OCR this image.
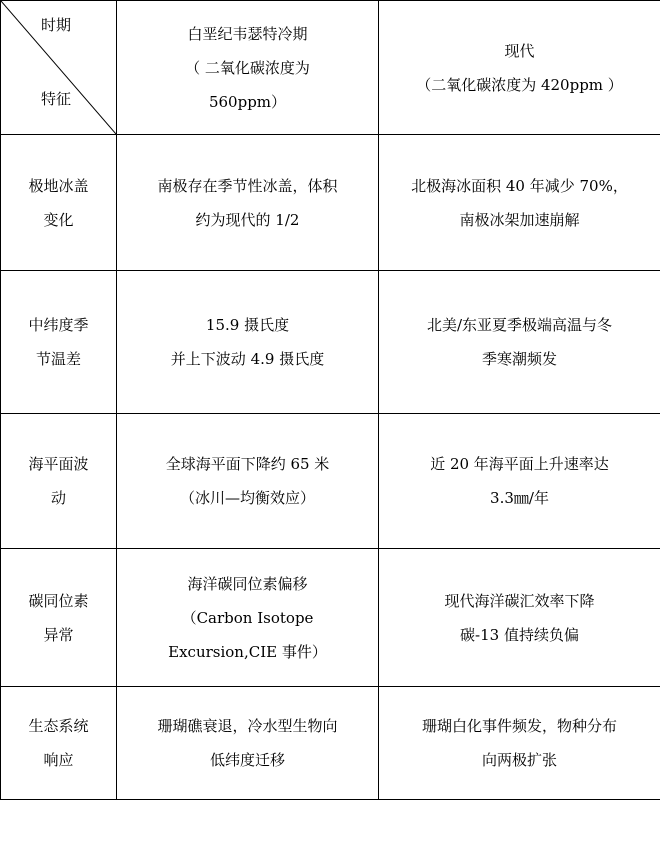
时期
特征	白垩纪韦瑟特冷期
（ 二氧化碳浓度为
560ppm）	现代
（二氧化碳浓度为 420ppm ）

极地冰盖
变化	南极存在季节性冰盖，体积
约为现代的 1/2	北极海冰面积 40 年减少 70%，
南极冰架加速崩解

中纬度季
节温差	15.9 摄氏度
并上下波动 4.9 摄氏度	北美/东亚夏季极端高温与冬
季寒潮频发

海平面波
动	全球海平面下降约 65 米
（冰川—均衡效应）	近 20 年海平面上升速率达
3.3㎜/年

碳同位素
异常	海洋碳同位素偏移
（Carbon Isotope
Excursion,CIE 事件）	现代海洋碳汇效率下降
碳-13 值持续负偏

生态系统
响应	珊瑚礁衰退，冷水型生物向
低纬度迁移	珊瑚白化事件频发，物种分布
向两极扩张
